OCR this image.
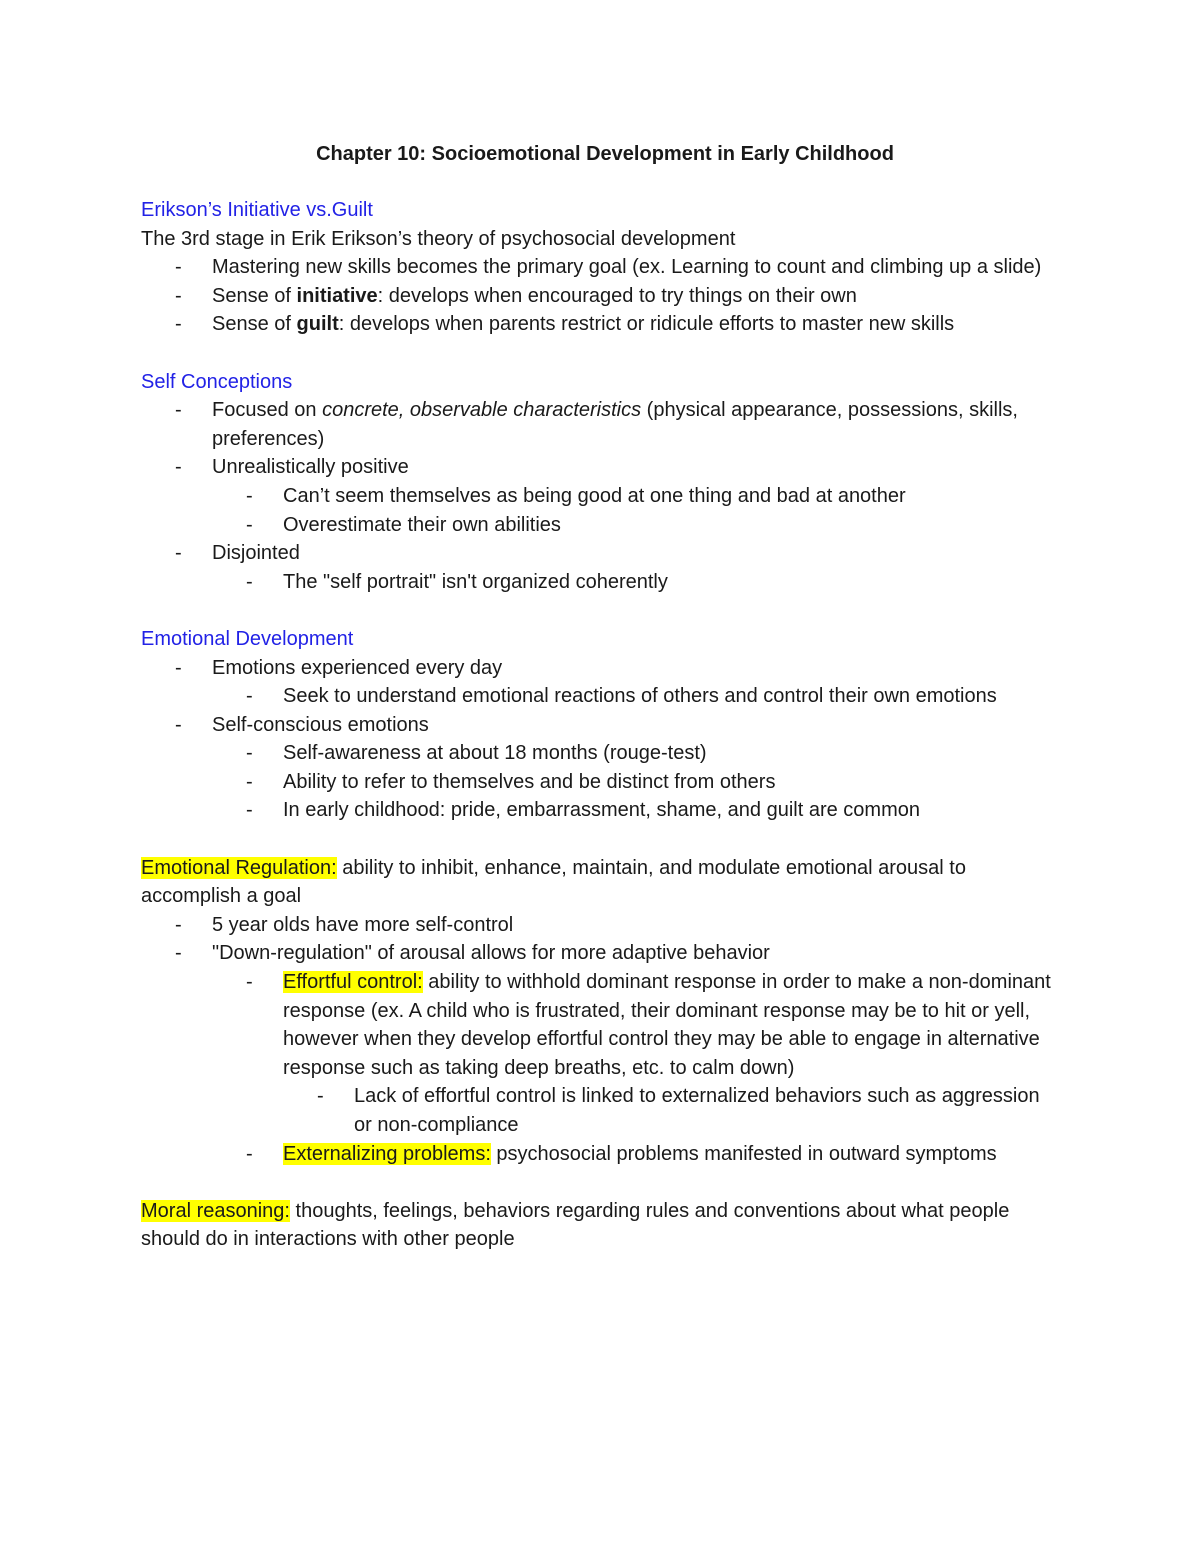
Chapter 10: Socioemotional Development in Early Childhood
Erikson’s Initiative vs.Guilt
The 3rd stage in Erik Erikson’s theory of psychosocial development
- Mastering new skills becomes the primary goal (ex. Learning to count and climbing up a slide)
- Sense of initiative: develops when encouraged to try things on their own
- Sense of guilt: develops when parents restrict or ridicule efforts to master new skills
Self Conceptions
- Focused on concrete, observable characteristics (physical appearance, possessions, skills, preferences)
- Unrealistically positive
- Can’t seem themselves as being good at one thing and bad at another
- Overestimate their own abilities
- Disjointed
- The "self portrait" isn't organized coherently
Emotional Development
- Emotions experienced every day
- Seek to understand emotional reactions of others and control their own emotions
- Self-conscious emotions
- Self-awareness at about 18 months (rouge-test)
- Ability to refer to themselves and be distinct from others
- In early childhood: pride, embarrassment, shame, and guilt are common
Emotional Regulation: ability to inhibit, enhance, maintain, and modulate emotional arousal to accomplish a goal
- 5 year olds have more self-control
- "Down-regulation" of arousal allows for more adaptive behavior
- Effortful control: ability to withhold dominant response in order to make a non-dominant response (ex. A child who is frustrated, their dominant response may be to hit or yell, however when they develop effortful control they may be able to engage in alternative response such as taking deep breaths, etc. to calm down)
- Lack of effortful control is linked to externalized behaviors such as aggression or non-compliance
- Externalizing problems: psychosocial problems manifested in outward symptoms
Moral reasoning: thoughts, feelings, behaviors regarding rules and conventions about what people should do in interactions with other people
